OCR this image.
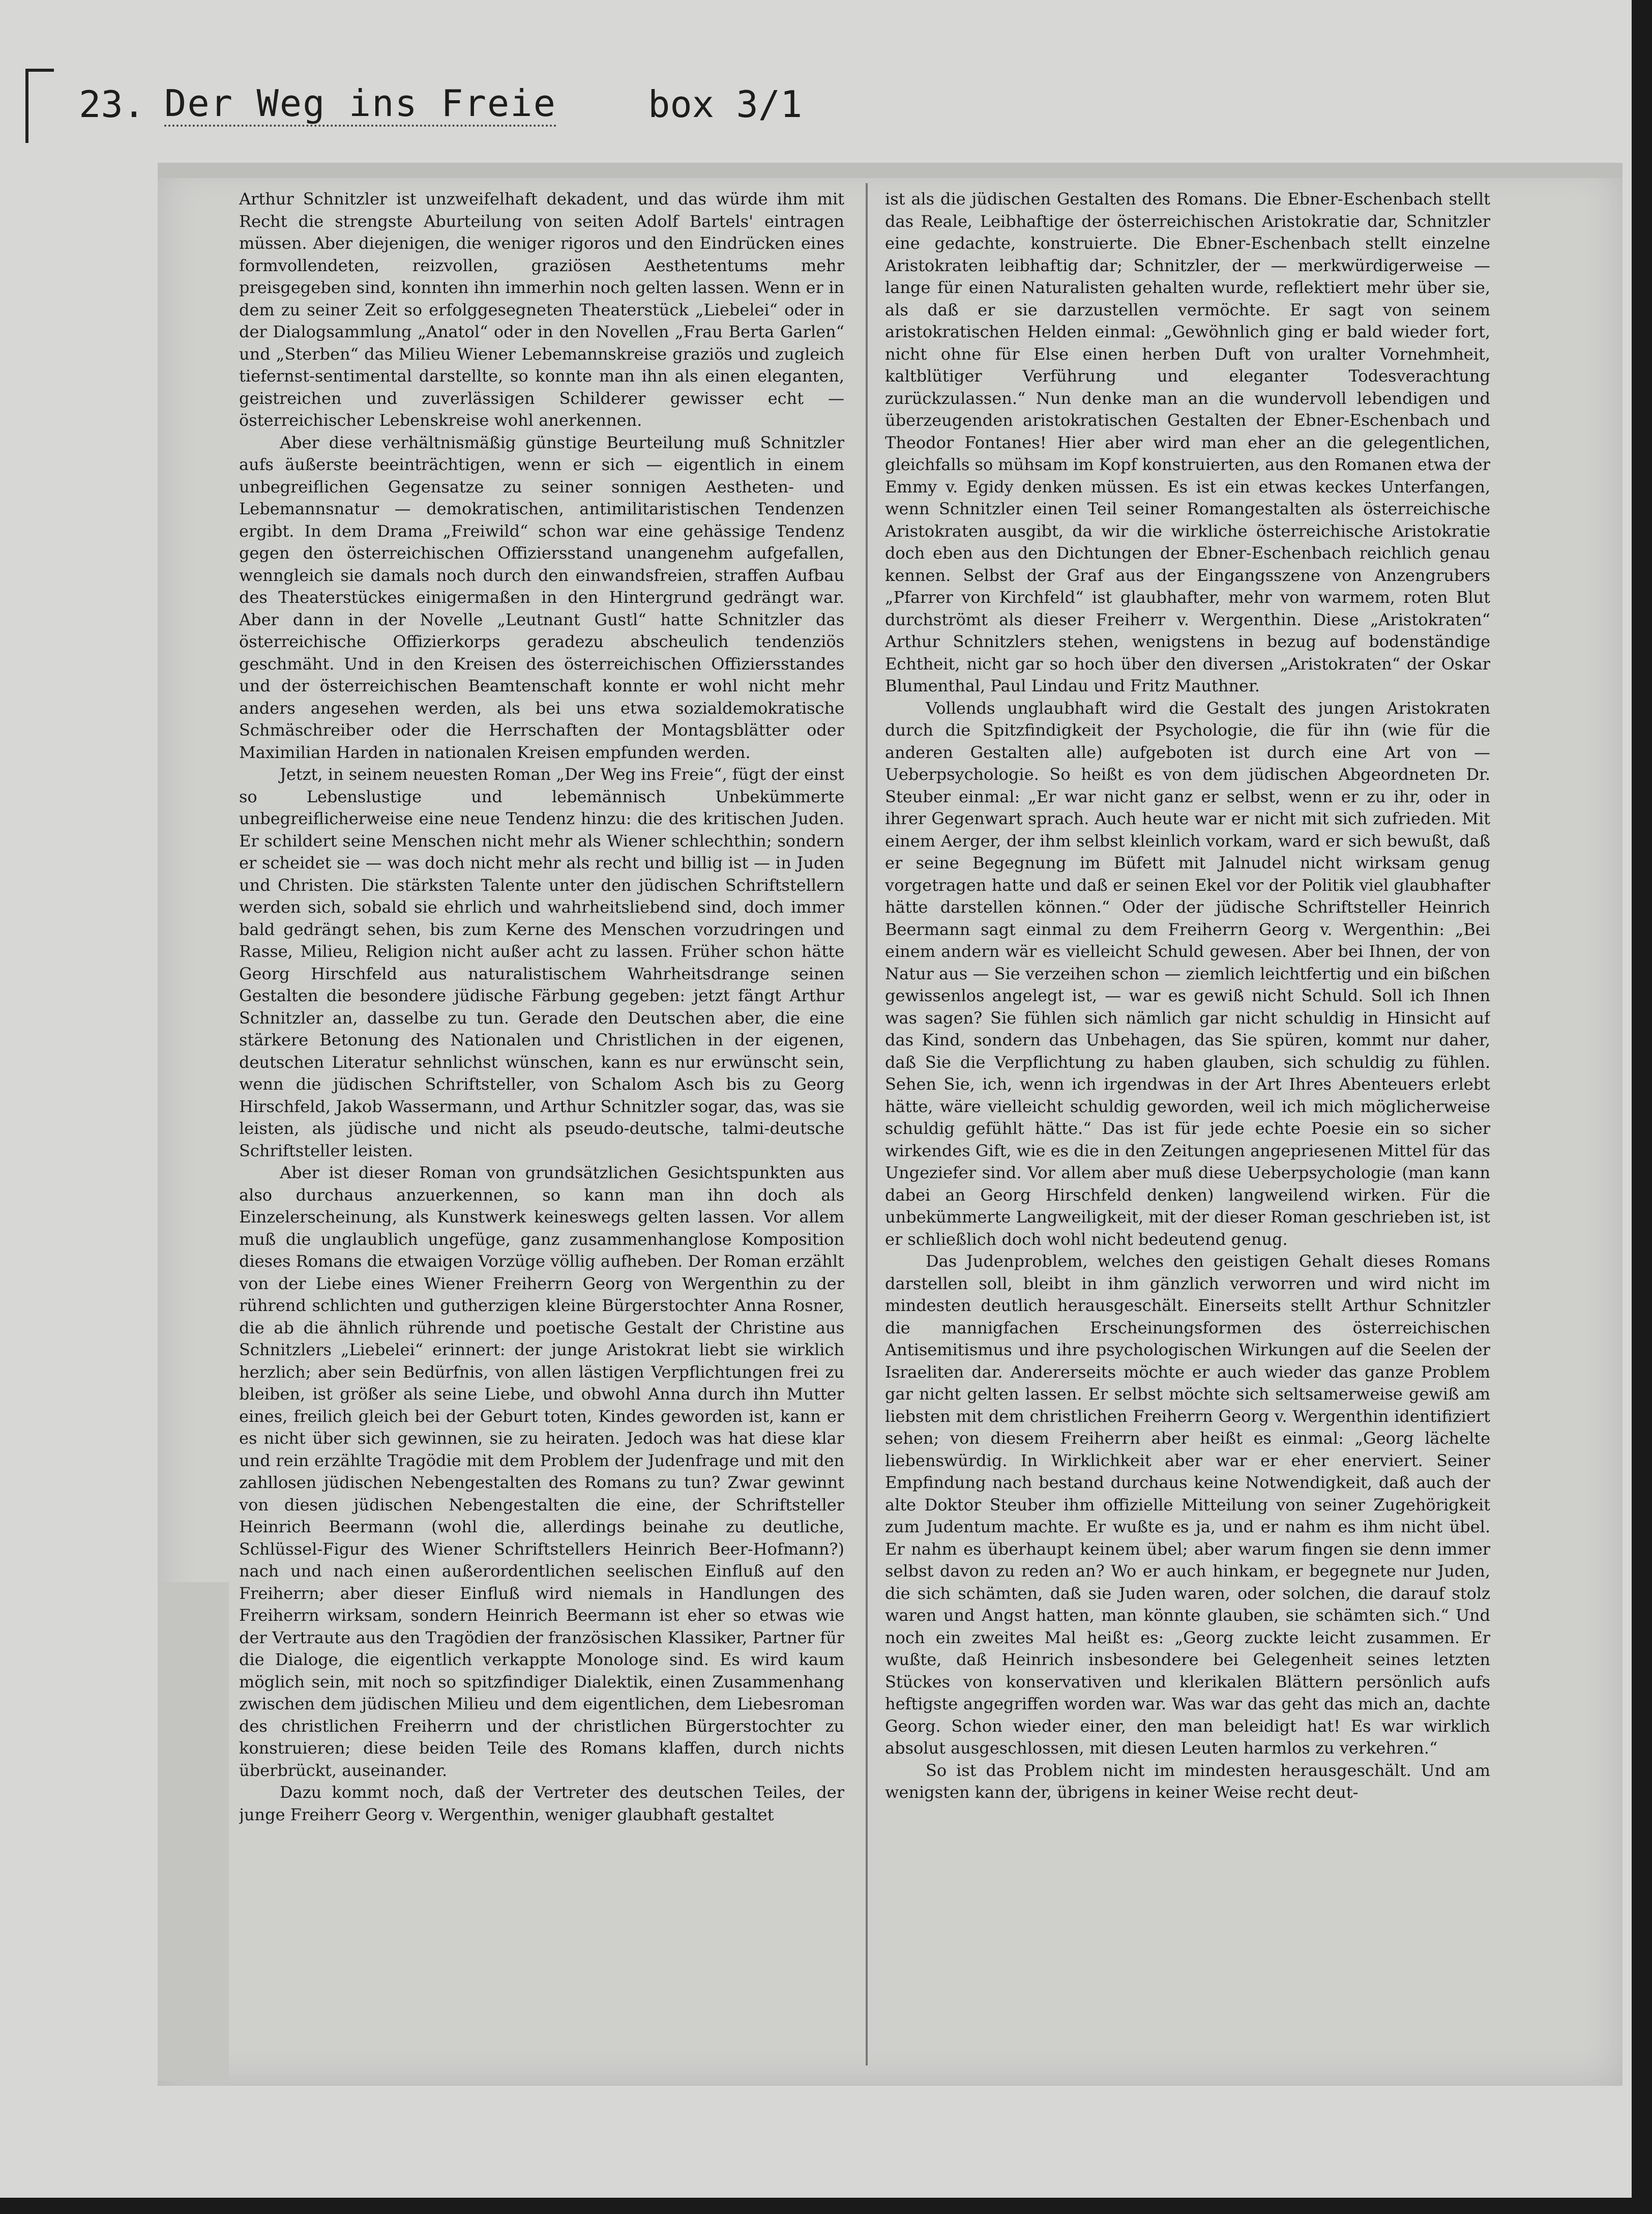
23. Der Weg ins Freie	box 3/1

Arthur Schnitzler ist unzweifelhaft dekadent, und das würde ihm mit Recht die strengste Aburteilung von seiten Adolf Bartels' eintragen müssen. Aber diejenigen, die weniger rigoros und den Eindrücken eines formvollendeten, reizvollen, graziösen Aesthetentums mehr preisgegeben sind, konnten ihn immerhin noch gelten lassen. Wenn er in dem zu seiner Zeit so erfolggesegneten Theaterstück „Liebelei“ oder in der Dialogsammlung „Anatol“ oder in den Novellen „Frau Berta Garlen“ und „Sterben“ das Milieu Wiener Lebemannskreise graziös und zugleich tiefernst-sentimental darstellte, so konnte man ihn als einen eleganten, geistreichen und zuverlässigen Schilderer gewisser echt — österreichischer Lebenskreise wohl anerkennen.

Aber diese verhältnismäßig günstige Beurteilung muß Schnitzler aufs äußerste beeinträchtigen, wenn er sich — eigentlich in einem unbegreiflichen Gegensatze zu seiner sonnigen Aestheten- und Lebemannsnatur — demokratischen, antimilitaristischen Tendenzen ergibt. In dem Drama „Freiwild“ schon war eine gehässige Tendenz gegen den österreichischen Offiziersstand unangenehm aufgefallen, wenngleich sie damals noch durch den einwandsfreien, straffen Aufbau des Theaterstückes einigermaßen in den Hintergrund gedrängt war. Aber dann in der Novelle „Leutnant Gustl“ hatte Schnitzler das österreichische Offizierkorps geradezu abscheulich tendenziös geschmäht. Und in den Kreisen des österreichischen Offiziersstandes und der österreichischen Beamtenschaft konnte er wohl nicht mehr anders angesehen werden, als bei uns etwa sozialdemokratische Schmäschreiber oder die Herrschaften der Montagsblätter oder Maximilian Harden in nationalen Kreisen empfunden werden.

Jetzt, in seinem neuesten Roman „Der Weg ins Freie“, fügt der einst so Lebenslustige und lebemännisch Unbekümmerte unbegreiflicherweise eine neue Tendenz hinzu: die des kritischen Juden. Er schildert seine Menschen nicht mehr als Wiener schlechthin; sondern er scheidet sie — was doch nicht mehr als recht und billig ist — in Juden und Christen. Die stärksten Talente unter den jüdischen Schriftstellern werden sich, sobald sie ehrlich und wahrheitsliebend sind, doch immer bald gedrängt sehen, bis zum Kerne des Menschen vorzudringen und Rasse, Milieu, Religion nicht außer acht zu lassen. Früher schon hätte Georg Hirschfeld aus naturalistischem Wahrheitsdrange seinen Gestalten die besondere jüdische Färbung gegeben: jetzt fängt Arthur Schnitzler an, dasselbe zu tun. Gerade den Deutschen aber, die eine stärkere Betonung des Nationalen und Christlichen in der eigenen, deutschen Literatur sehnlichst wünschen, kann es nur erwünscht sein, wenn die jüdischen Schriftsteller, von Schalom Asch bis zu Georg Hirschfeld, Jakob Wassermann, und Arthur Schnitzler sogar, das, was sie leisten, als jüdische und nicht als pseudo-deutsche, talmi-deutsche Schriftsteller leisten.

Aber ist dieser Roman von grundsätzlichen Gesichtspunkten aus also durchaus anzuerkennen, so kann man ihn doch als Einzelerscheinung, als Kunstwerk keineswegs gelten lassen. Vor allem muß die unglaublich ungefüge, ganz zusammenhanglose Komposition dieses Romans die etwaigen Vorzüge völlig aufheben. Der Roman erzählt von der Liebe eines Wiener Freiherrn Georg von Wergenthin zu der rührend schlichten und gutherzigen kleine Bürgerstochter Anna Rosner, die ab die ähnlich rührende und poetische Gestalt der Christine aus Schnitzlers „Liebelei“ erinnert: der junge Aristokrat liebt sie wirklich herzlich; aber sein Bedürfnis, von allen lästigen Verpflichtungen frei zu bleiben, ist größer als seine Liebe, und obwohl Anna durch ihn Mutter eines, freilich gleich bei der Geburt toten, Kindes geworden ist, kann er es nicht über sich gewinnen, sie zu heiraten. Jedoch was hat diese klar und rein erzählte Tragödie mit dem Problem der Judenfrage und mit den zahllosen jüdischen Nebengestalten des Romans zu tun? Zwar gewinnt von diesen jüdischen Nebengestalten die eine, der Schriftsteller Heinrich Beermann (wohl die, allerdings beinahe zu deutliche, Schlüssel-Figur des Wiener Schriftstellers Heinrich Beer-Hofmann?) nach und nach einen außerordentlichen seelischen Einfluß auf den Freiherrn; aber dieser Einfluß wird niemals in Handlungen des Freiherrn wirksam, sondern Heinrich Beermann ist eher so etwas wie der Vertraute aus den Tragödien der französischen Klassiker, Partner für die Dialoge, die eigentlich verkappte Monologe sind. Es wird kaum möglich sein, mit noch so spitzfindiger Dialektik, einen Zusammenhang zwischen dem jüdischen Milieu und dem eigentlichen, dem Liebesroman des christlichen Freiherrn und der christlichen Bürgerstochter zu konstruieren; diese beiden Teile des Romans klaffen, durch nichts überbrückt, auseinander.

Dazu kommt noch, daß der Vertreter des deutschen Teiles, der junge Freiherr Georg v. Wergenthin, weniger glaubhaft gestaltet

ist als die jüdischen Gestalten des Romans. Die Ebner-Eschenbach stellt das Reale, Leibhaftige der österreichischen Aristokratie dar, Schnitzler eine gedachte, konstruierte. Die Ebner-Eschenbach stellt einzelne Aristokraten leibhaftig dar; Schnitzler, der — merkwürdigerweise — lange für einen Naturalisten gehalten wurde, reflektiert mehr über sie, als daß er sie darzustellen vermöchte. Er sagt von seinem aristokratischen Helden einmal: „Gewöhnlich ging er bald wieder fort, nicht ohne für Else einen herben Duft von uralter Vornehmheit, kaltblütiger Verführung und eleganter Todesverachtung zurückzulassen.“ Nun denke man an die wundervoll lebendigen und überzeugenden aristokratischen Gestalten der Ebner-Eschenbach und Theodor Fontanes! Hier aber wird man eher an die gelegentlichen, gleichfalls so mühsam im Kopf konstruierten, aus den Romanen etwa der Emmy v. Egidy denken müssen. Es ist ein etwas keckes Unterfangen, wenn Schnitzler einen Teil seiner Romangestalten als österreichische Aristokraten ausgibt, da wir die wirkliche österreichische Aristokratie doch eben aus den Dichtungen der Ebner-Eschenbach reichlich genau kennen. Selbst der Graf aus der Eingangsszene von Anzengrubers „Pfarrer von Kirchfeld“ ist glaubhafter, mehr von warmem, roten Blut durchströmt als dieser Freiherr v. Wergenthin. Diese „Aristokraten“ Arthur Schnitzlers stehen, wenigstens in bezug auf bodenständige Echtheit, nicht gar so hoch über den diversen „Aristokraten“ der Oskar Blumenthal, Paul Lindau und Fritz Mauthner.

Vollends unglaubhaft wird die Gestalt des jungen Aristokraten durch die Spitzfindigkeit der Psychologie, die für ihn (wie für die anderen Gestalten alle) aufgeboten ist durch eine Art von — Ueberpsychologie. So heißt es von dem jüdischen Abgeordneten Dr. Steuber einmal: „Er war nicht ganz er selbst, wenn er zu ihr, oder in ihrer Gegenwart sprach. Auch heute war er nicht mit sich zufrieden. Mit einem Aerger, der ihm selbst kleinlich vorkam, ward er sich bewußt, daß er seine Begegnung im Büfett mit Jalnudel nicht wirksam genug vorgetragen hatte und daß er seinen Ekel vor der Politik viel glaubhafter hätte darstellen können.“ Oder der jüdische Schriftsteller Heinrich Beermann sagt einmal zu dem Freiherrn Georg v. Wergenthin: „Bei einem andern wär es vielleicht Schuld gewesen. Aber bei Ihnen, der von Natur aus — Sie verzeihen schon — ziemlich leichtfertig und ein bißchen gewissenlos angelegt ist, — war es gewiß nicht Schuld. Soll ich Ihnen was sagen? Sie fühlen sich nämlich gar nicht schuldig in Hinsicht auf das Kind, sondern das Unbehagen, das Sie spüren, kommt nur daher, daß Sie die Verpflichtung zu haben glauben, sich schuldig zu fühlen. Sehen Sie, ich, wenn ich irgendwas in der Art Ihres Abenteuers erlebt hätte, wäre vielleicht schuldig geworden, weil ich mich möglicherweise schuldig gefühlt hätte.“ Das ist für jede echte Poesie ein so sicher wirkendes Gift, wie es die in den Zeitungen angepriesenen Mittel für das Ungeziefer sind. Vor allem aber muß diese Ueberpsychologie (man kann dabei an Georg Hirschfeld denken) langweilend wirken. Für die unbekümmerte Langweiligkeit, mit der dieser Roman geschrieben ist, ist er schließlich doch wohl nicht bedeutend genug.

Das Judenproblem, welches den geistigen Gehalt dieses Romans darstellen soll, bleibt in ihm gänzlich verworren und wird nicht im mindesten deutlich herausgeschält. Einerseits stellt Arthur Schnitzler die mannigfachen Erscheinungsformen des österreichischen Antisemitismus und ihre psychologischen Wirkungen auf die Seelen der Israeliten dar. Andererseits möchte er auch wieder das ganze Problem gar nicht gelten lassen. Er selbst möchte sich seltsamerweise gewiß am liebsten mit dem christlichen Freiherrn Georg v. Wergenthin identifiziert sehen; von diesem Freiherrn aber heißt es einmal: „Georg lächelte liebenswürdig. In Wirklichkeit aber war er eher enerviert. Seiner Empfindung nach bestand durchaus keine Notwendigkeit, daß auch der alte Doktor Steuber ihm offizielle Mitteilung von seiner Zugehörigkeit zum Judentum machte. Er wußte es ja, und er nahm es ihm nicht übel. Er nahm es überhaupt keinem übel; aber warum fingen sie denn immer selbst davon zu reden an? Wo er auch hinkam, er begegnete nur Juden, die sich schämten, daß sie Juden waren, oder solchen, die darauf stolz waren und Angst hatten, man könnte glauben, sie schämten sich.“ Und noch ein zweites Mal heißt es: „Georg zuckte leicht zusammen. Er wußte, daß Heinrich insbesondere bei Gelegenheit seines letzten Stückes von konservativen und klerikalen Blättern persönlich aufs heftigste angegriffen worden war. Was war das geht das mich an, dachte Georg. Schon wieder einer, den man beleidigt hat! Es war wirklich absolut ausgeschlossen, mit diesen Leuten harmlos zu verkehren.“

So ist das Problem nicht im mindesten herausgeschält. Und am wenigsten kann der, übrigens in keiner Weise recht deut-
